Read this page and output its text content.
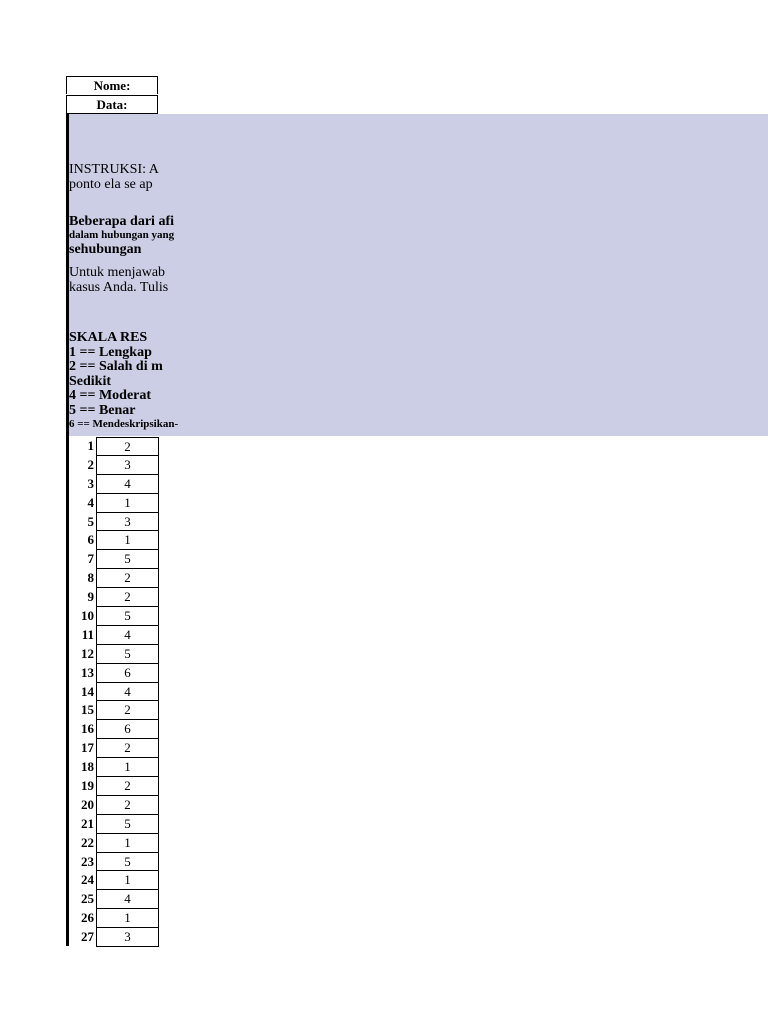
Nome:
Data:
INSTRUKSI: A
ponto ela se ap
Beberapa dari afi
dalam hubungan yang
sehubungan
Untuk menjawab
kasus Anda. Tulis
SKALA RES
1 == Lengkap
2 == Salah di m
Sedikit
4 == Moderat
5 == Benar
6 == Mendeskripsikan-
1	2
2	3
3	4
4	1
5	3
6	1
7	5
8	2
9	2
10	5
11	4
12	5
13	6
14	4
15	2
16	6
17	2
18	1
19	2
20	2
21	5
22	1
23	5
24	1
25	4
26	1
27	3
